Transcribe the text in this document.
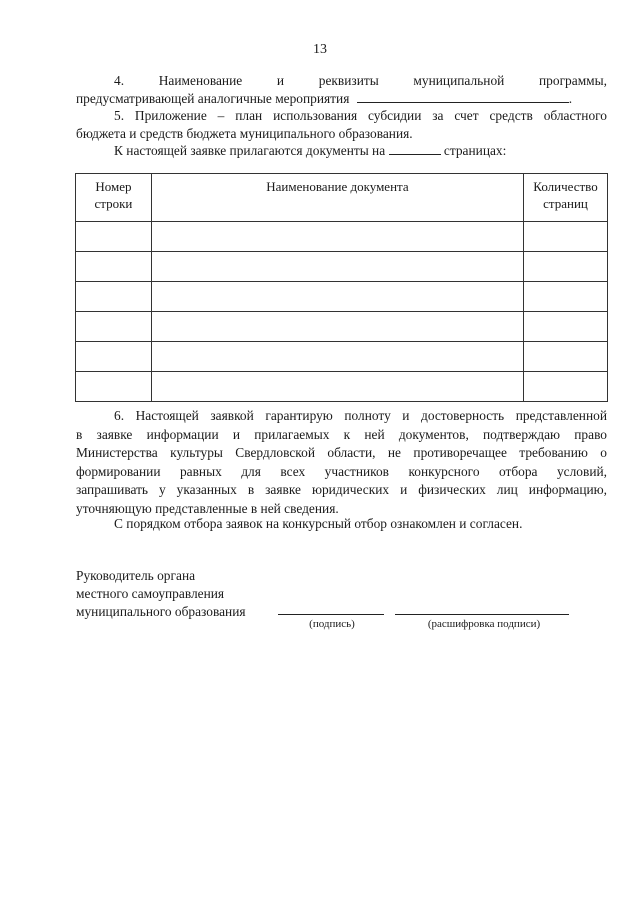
13

4. Наименование и реквизиты муниципальной программы,

предусматривающей аналогичные мероприятия	.

5. Приложение – план использования субсидии за счет средств областного

бюджета и средств бюджета муниципального образования.

К настоящей заявке прилагаются документы на	страницах:

Номер строки	Наименование документа	Количество страниц

6. Настоящей заявкой гарантирую полноту и достоверность представленной

в заявке информации и прилагаемых к ней документов, подтверждаю право

Министерства культуры Свердловской области, не противоречащее требованию о

формировании равных для всех участников конкурсного отбора условий,

запрашивать у указанных в заявке юридических и физических лиц информацию,

уточняющую представленные в ней сведения.

С порядком отбора заявок на конкурсный отбор ознакомлен и согласен.

Руководитель органа

местного самоуправления

муниципального образования

(подпись)	(расшифровка подписи)
